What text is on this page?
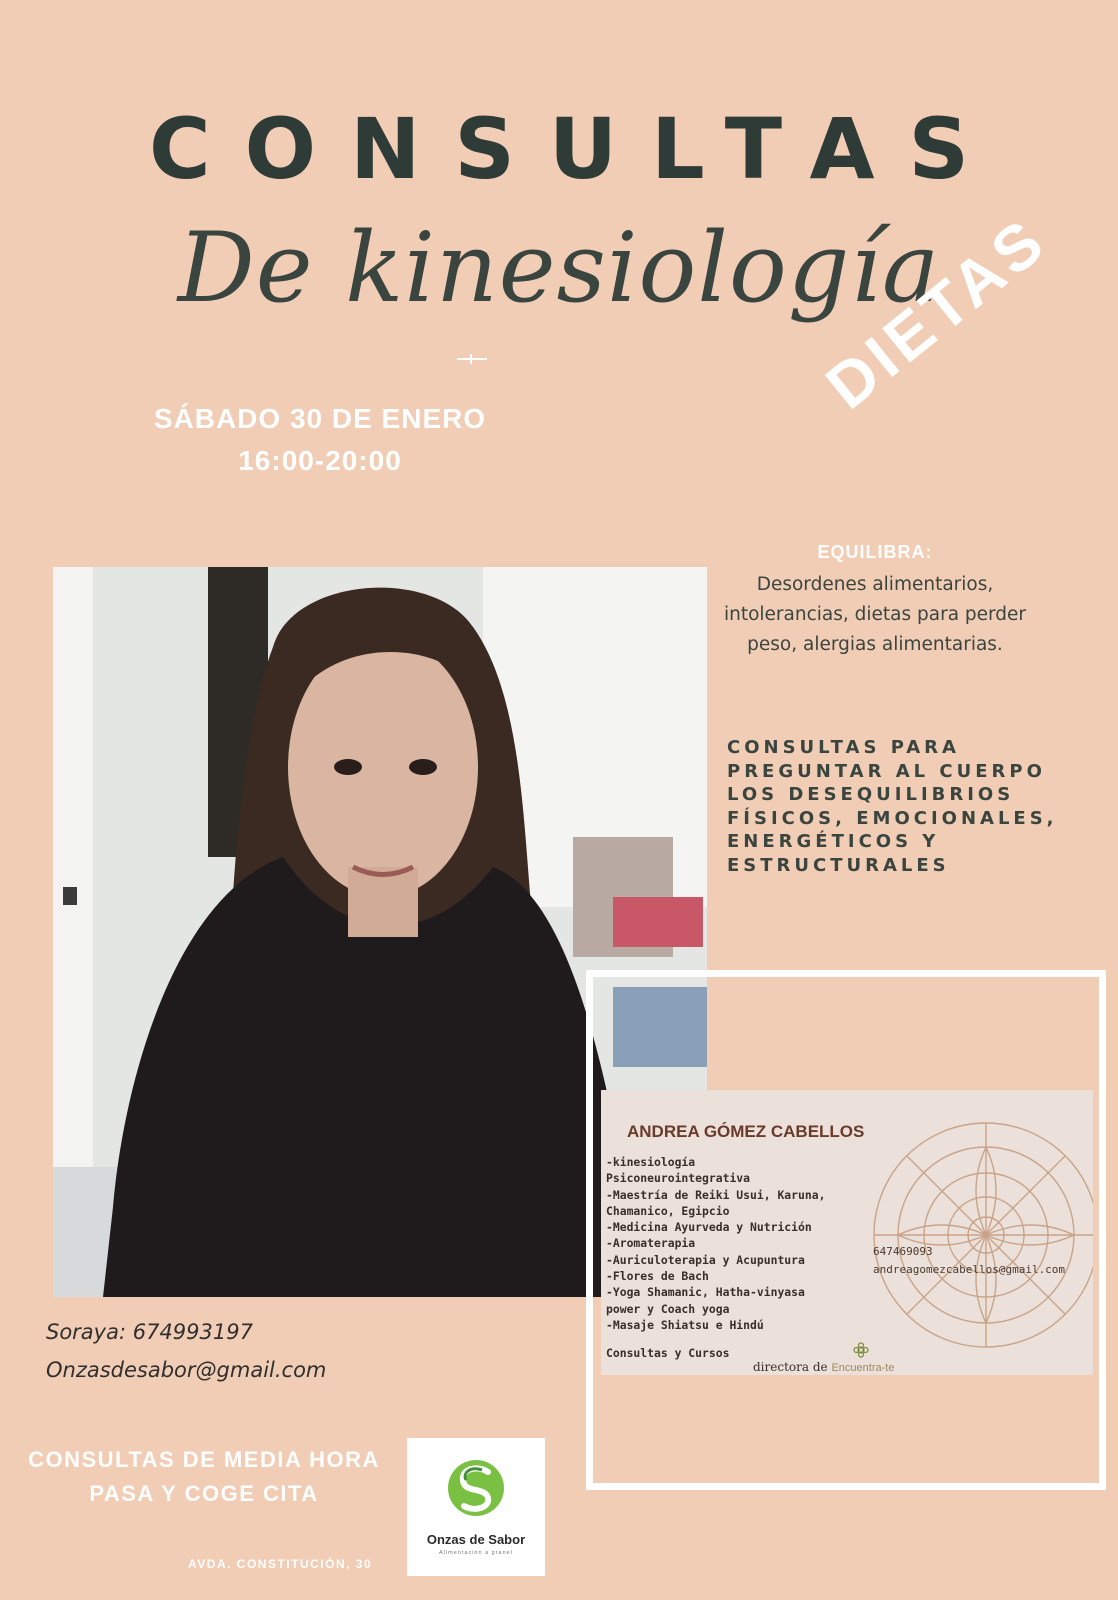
CONSULTAS
De kinesiología
SÁBADO 30 DE ENERO
16:00-20:00
DIETAS
EQUILIBRA:
Desordenes alimentarios, intolerancias, dietas para perder peso, alergias alimentarias.
CONSULTAS PARA
PREGUNTAR AL CUERPO
LOS DESEQUILIBRIOS
FÍSICOS, EMOCIONALES,
ENERGÉTICOS Y
ESTRUCTURALES
ANDREA GÓMEZ CABELLOS
-kinesiología
Psiconeurointegrativa
-Maestría de Reiki Usui, Karuna,
Chamanico, Egipcio
-Medicina Ayurveda y Nutrición
-Aromaterapia
-Auriculoterapia y Acupuntura
-Flores de Bach
-Yoga Shamanic, Hatha-vinyasa
power y Coach yoga
-Masaje Shiatsu e Hindú
647469093
andreagomezcabellos@gmail.com
Consultas y Cursos
directora de Encuentra-te
Soraya: 674993197
Onzasdesabor@gmail.com
CONSULTAS DE MEDIA HORA
PASA Y COGE CITA
Onzas de Sabor
Alimentación a granel
AVDA. CONSTITUCIÓN, 30
